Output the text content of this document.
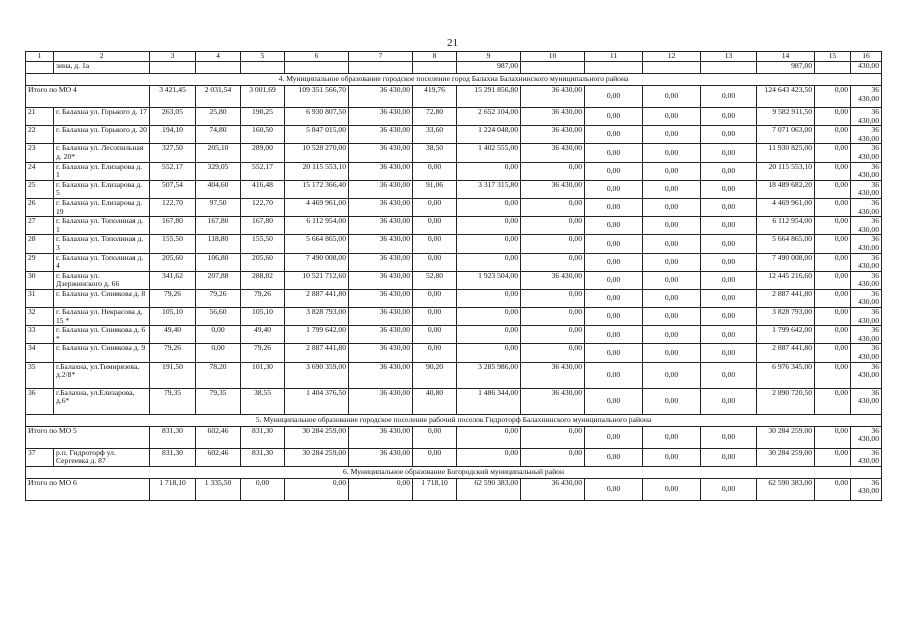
21
1	2	3	4	5	6	7	8	9	10	11	12	13	14	15	16
	зина, д. 1а							987,00					987,00		430,00
4. Муниципальное образование городское поселение город Балахна Балахнинского муниципального района															
Итого по МО 4		3 421,45	2 031,54	3 001,69	109 351 566,70	36 430,00	419,76	15 291 856,80	36 430,00	0,00	0,00	0,00	124 643 423,50	0,00	36 430,00
21	г. Балахна ул. Горького д. 17	263,05	25,80	190,25	6 930 807,50	36 430,00	72,80	2 652 104,00	36 430,00	0,00	0,00	0,00	9 582 911,50	0,00	36 430,00
22	г. Балахна ул. Горького д. 20	194,10	74,80	160,50	5 847 015,00	36 430,00	33,60	1 224 048,00	36 430,00	0,00	0,00	0,00	7 071 063,00	0,00	36 430,00
23	г. Балахна ул. Лесопильная д. 20*	327,50	205,10	289,00	10 528 270,00	36 430,00	38,50	1 402 555,00	36 430,00	0,00	0,00	0,00	11 930 825,00	0,00	36 430,00
24	г. Балахна ул. Елизарова д. 1	552,17	329,05	552,17	20 115 553,10	36 430,00	0,00	0,00	0,00	0,00	0,00	0,00	20 115 553,10	0,00	36 430,00
25	г. Балахна ул. Елизарова д. 5	507,54	404,60	416,48	15 172 366,40	36 430,00	91,06	3 317 315,80	36 430,00	0,00	0,00	0,00	18 489 682,20	0,00	36 430,00
26	г. Балахна ул. Елизарова д. 19	122,70	97,50	122,70	4 469 961,00	36 430,00	0,00	0,00	0,00	0,00	0,00	0,00	4 469 961,00	0,00	36 430,00
27	г. Балахна ул. Тополиная д. 1	167,80	167,80	167,80	6 112 954,00	36 430,00	0,00	0,00	0,00	0,00	0,00	0,00	6 112 954,00	0,00	36 430,00
28	г. Балахна ул. Тополиная д. 3	155,50	118,80	155,50	5 664 865,00	36 430,00	0,00	0,00	0,00	0,00	0,00	0,00	5 664 865,00	0,00	36 430,00
29	г. Балахна ул. Тополиная д. 4	205,60	106,80	205,60	7 490 008,00	36 430,00	0,00	0,00	0,00	0,00	0,00	0,00	7 490 008,00	0,00	36 430,00
30	г. Балахна ул. Дзержинского д. 66	341,62	207,88	288,82	10 521 712,60	36 430,00	52,80	1 923 504,00	36 430,00	0,00	0,00	0,00	12 445 216,60	0,00	36 430,00
31	г. Балахна ул. Синякова д. 8	79,26	79,26	79,26	2 887 441,80	36 430,00	0,00	0,00	0,00	0,00	0,00	0,00	2 887 441,80	0,00	36 430,00
32	г. Балахна ул. Некрасова д. 15 *	105,10	56,60	105,10	3 828 793,00	36 430,00	0,00	0,00	0,00	0,00	0,00	0,00	3 828 793,00	0,00	36 430,00
33	г. Балахна ул. Синякова д. 6 *	49,40	0,00	49,40	1 799 642,00	36 430,00	0,00	0,00	0,00	0,00	0,00	0,00	1 799 642,00	0,00	36 430,00
34	г. Балахна ул. Синякова д. 9	79,26	0,00	79,26	2 887 441,80	36 430,00	0,00	0,00	0,00	0,00	0,00	0,00	2 887 441,80	0,00	36 430,00
35	г.Балахна, ул.Тимирязева, д.2/8*	191,50	78,20	101,30	3 690 359,00	36 430,00	90,20	3 285 986,00	36 430,00	0,00	0,00	0,00	6 976 345,00	0,00	36 430,00
36	г.Балахна, ул.Елизарова, д.6*	79,35	79,35	38,55	1 404 376,50	36 430,00	40,80	1 486 344,00	36 430,00	0,00	0,00	0,00	2 890 720,50	0,00	36 430,00
5. Муниципальное образование городское поселение рабочий поселок Гидроторф Балахнинского муниципального района															
Итого по МО 5		831,30	602,46	831,30	30 284 259,00	36 430,00	0,00	0,00	0,00	0,00	0,00	0,00	30 284 259,00	0,00	36 430,00
37	р.п. Гидроторф ул. Сергеевка д. 87	831,30	602,46	831,30	30 284 259,00	36 430,00	0,00	0,00	0,00	0,00	0,00	0,00	30 284 259,00	0,00	36 430,00
6. Муниципальное образование Богородский муниципальный район															
Итого по МО 6		1 718,10	1 335,50	0,00	0,00	0,00	1 718,10	62 590 383,00	36 430,00	0,00	0,00	0,00	62 590 383,00	0,00	36 430,00
